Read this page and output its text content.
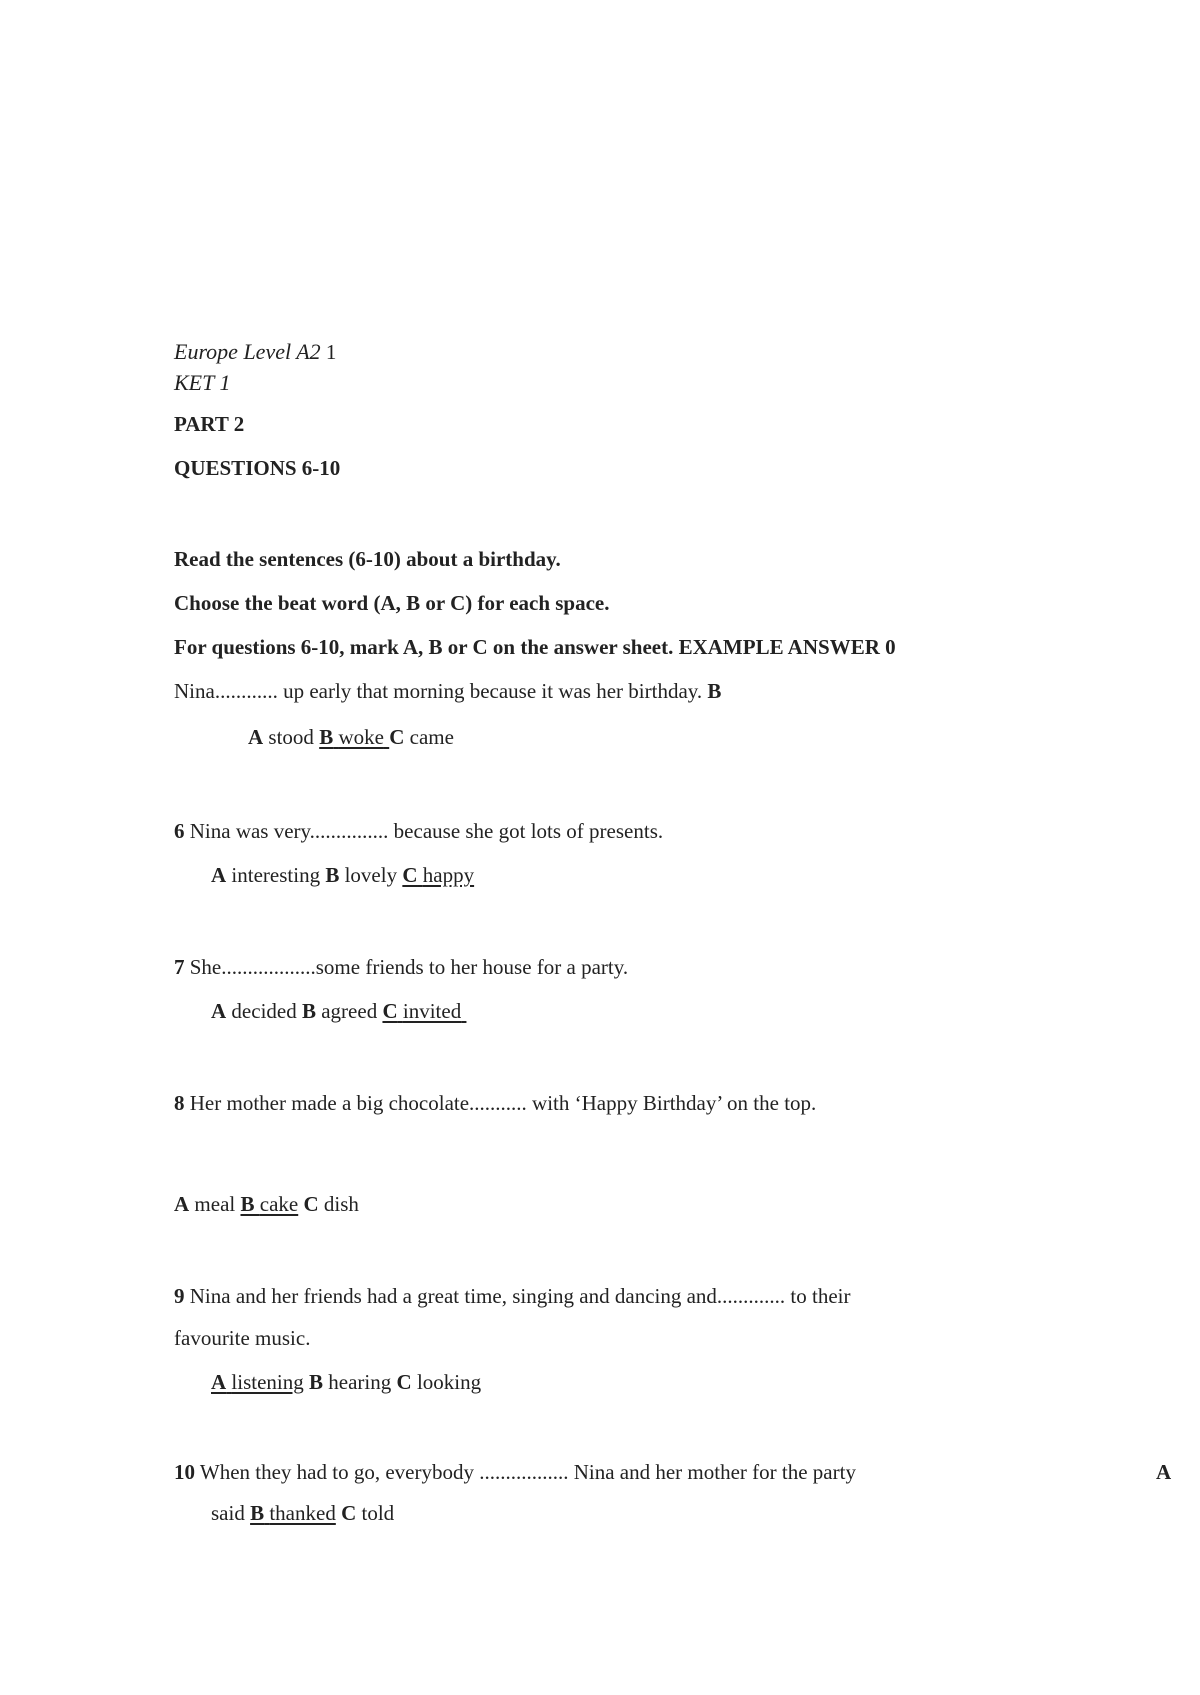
Europe Level A2 1
KET 1
PART 2
QUESTIONS 6-10
Read the sentences (6-10) about a birthday.
Choose the beat word (A, B or C) for each space.
For questions 6-10, mark A, B or C on the answer sheet. EXAMPLE ANSWER 0
Nina............ up early that morning because it was her birthday. B
A stood B woke C came
6 Nina was very............... because she got lots of presents.
A interesting B lovely C happy
7 She..................some friends to her house for a party.
A decided B agreed C invited
8 Her mother made a big chocolate........... with ‘Happy Birthday’ on the top.
A meal B cake C dish
9 Nina and her friends had a great time, singing and dancing and............. to their
favourite music.
A listening B hearing C looking
10 When they had to go, everybody ................. Nina and her mother for the party	A
said B thanked C told
